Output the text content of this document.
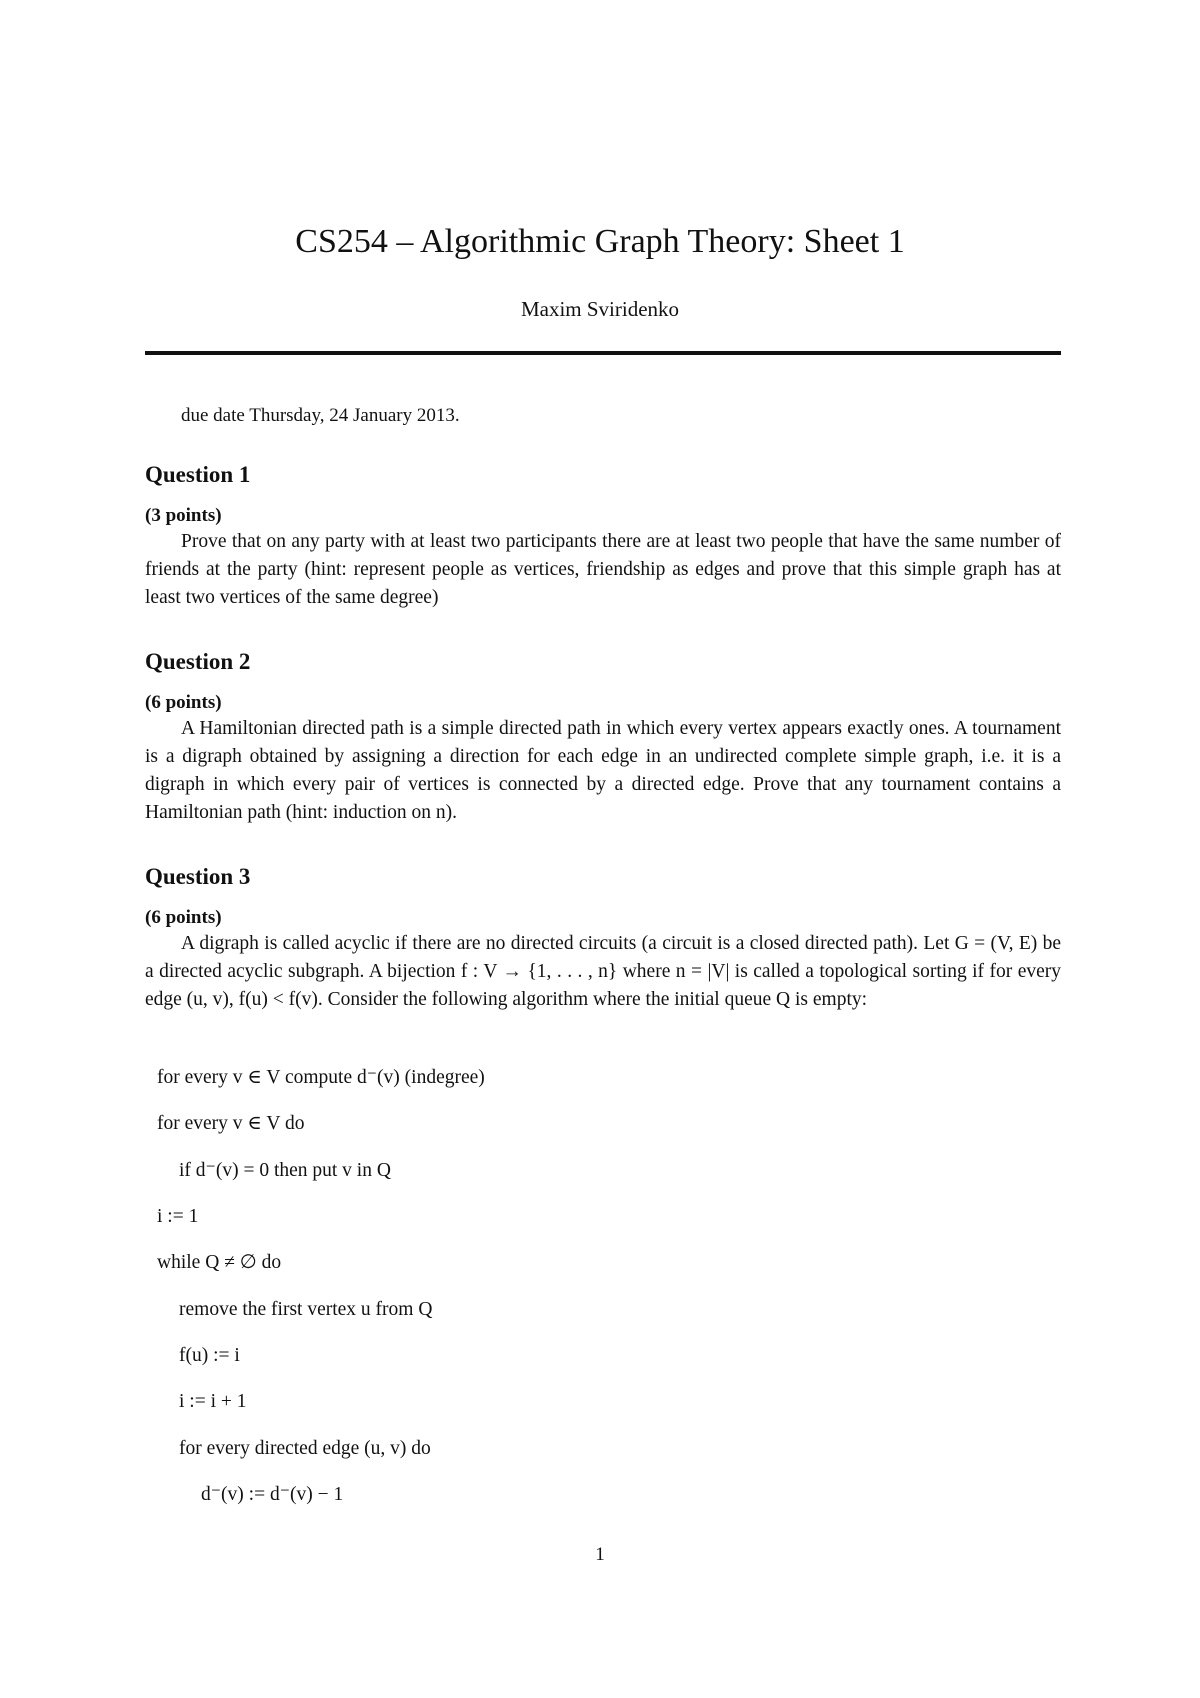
CS254 – Algorithmic Graph Theory: Sheet 1
Maxim Sviridenko
due date Thursday, 24 January 2013.
Question 1
(3 points)

Prove that on any party with at least two participants there are at least two people that have the same number of friends at the party (hint: represent people as vertices, friendship as edges and prove that this simple graph has at least two vertices of the same degree)

Question 2
(6 points)

A Hamiltonian directed path is a simple directed path in which every vertex appears exactly ones. A tournament is a digraph obtained by assigning a direction for each edge in an undirected complete simple graph, i.e. it is a digraph in which every pair of vertices is connected by a directed edge. Prove that any tournament contains a Hamiltonian path (hint: induction on n).

Question 3
(6 points)

A digraph is called acyclic if there are no directed circuits (a circuit is a closed directed path). Let G = (V, E) be a directed acyclic subgraph. A bijection f : V → {1, . . . , n} where n = |V| is called a topological sorting if for every edge (u, v), f(u) < f(v). Consider the following algorithm where the initial queue Q is empty:

for every v ∈ V compute d⁻(v) (indegree)
for every v ∈ V do
if d⁻(v) = 0 then put v in Q
i := 1
while Q ≠ ∅ do
remove the first vertex u from Q
f(u) := i
i := i + 1
for every directed edge (u, v) do
d⁻(v) := d⁻(v) − 1
1
